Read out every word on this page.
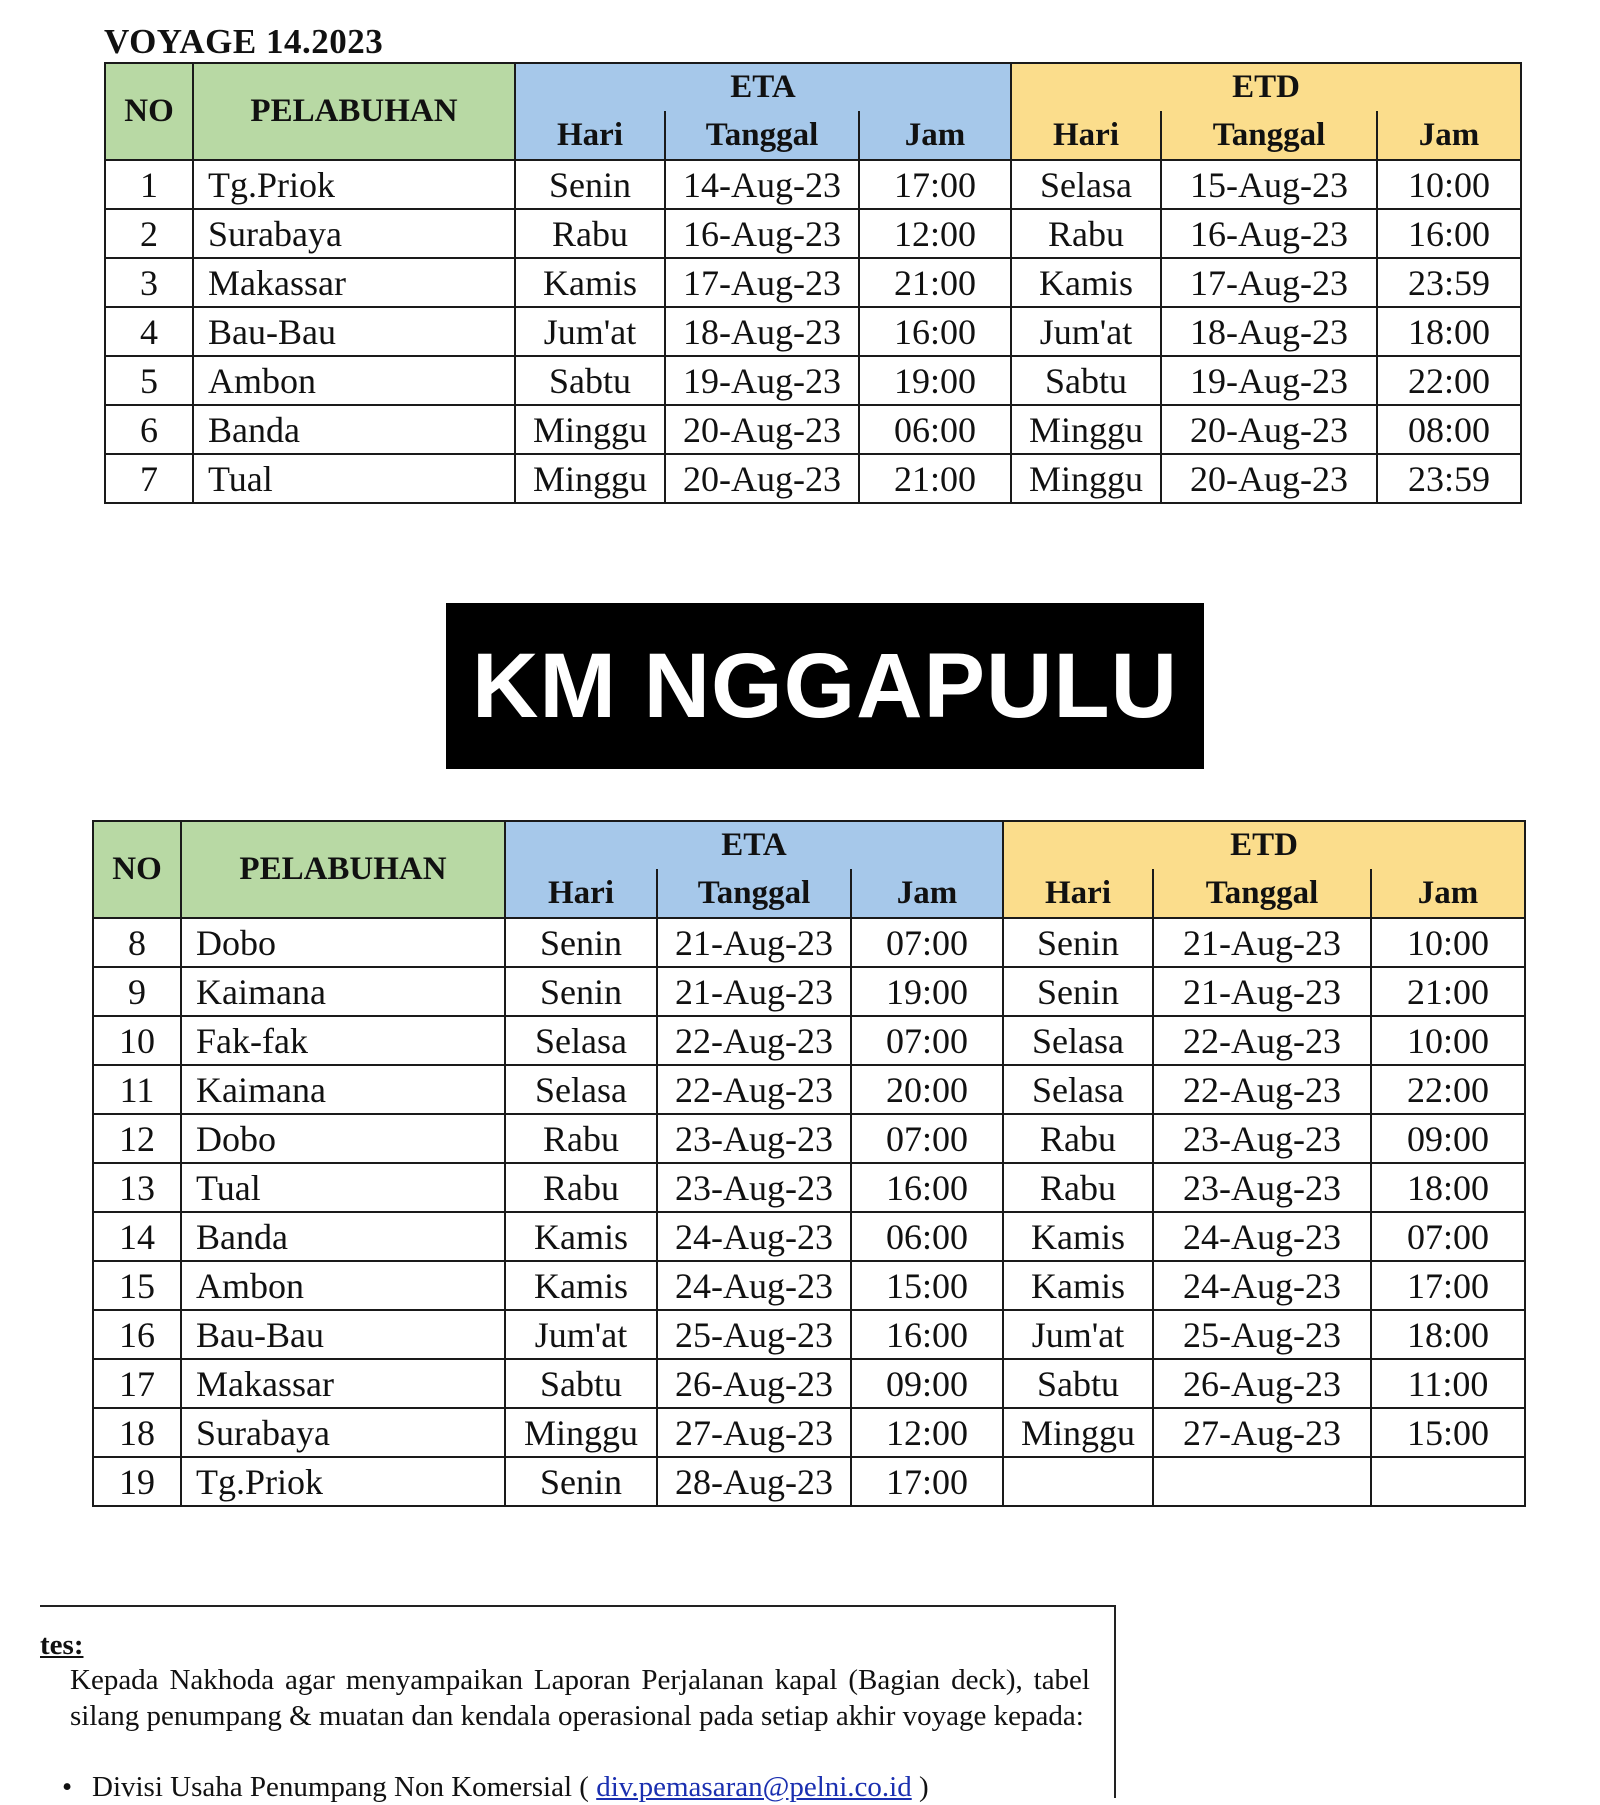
VOYAGE 14.2023
NO	PELABUHAN	ETA			ETD		
		Hari	Tanggal	Jam	Hari	Tanggal	Jam
1	Tg.Priok	Senin	14-Aug-23	17:00	Selasa	15-Aug-23	10:00
2	Surabaya	Rabu	16-Aug-23	12:00	Rabu	16-Aug-23	16:00
3	Makassar	Kamis	17-Aug-23	21:00	Kamis	17-Aug-23	23:59
4	Bau-Bau	Jum'at	18-Aug-23	16:00	Jum'at	18-Aug-23	18:00
5	Ambon	Sabtu	19-Aug-23	19:00	Sabtu	19-Aug-23	22:00
6	Banda	Minggu	20-Aug-23	06:00	Minggu	20-Aug-23	08:00
7	Tual	Minggu	20-Aug-23	21:00	Minggu	20-Aug-23	23:59
KM NGGAPULU
NO	PELABUHAN	ETA			ETD		
		Hari	Tanggal	Jam	Hari	Tanggal	Jam
8	Dobo	Senin	21-Aug-23	07:00	Senin	21-Aug-23	10:00
9	Kaimana	Senin	21-Aug-23	19:00	Senin	21-Aug-23	21:00
10	Fak-fak	Selasa	22-Aug-23	07:00	Selasa	22-Aug-23	10:00
11	Kaimana	Selasa	22-Aug-23	20:00	Selasa	22-Aug-23	22:00
12	Dobo	Rabu	23-Aug-23	07:00	Rabu	23-Aug-23	09:00
13	Tual	Rabu	23-Aug-23	16:00	Rabu	23-Aug-23	18:00
14	Banda	Kamis	24-Aug-23	06:00	Kamis	24-Aug-23	07:00
15	Ambon	Kamis	24-Aug-23	15:00	Kamis	24-Aug-23	17:00
16	Bau-Bau	Jum'at	25-Aug-23	16:00	Jum'at	25-Aug-23	18:00
17	Makassar	Sabtu	26-Aug-23	09:00	Sabtu	26-Aug-23	11:00
18	Surabaya	Minggu	27-Aug-23	12:00	Minggu	27-Aug-23	15:00
19	Tg.Priok	Senin	28-Aug-23	17:00			
tes:
Kepada Nakhoda agar menyampaikan Laporan Perjalanan kapal (Bagian deck), tabel silang penumpang & muatan dan kendala operasional pada setiap akhir voyage kepada:
• Divisi Usaha Penumpang Non Komersial ( div.pemasaran@pelni.co.id )
